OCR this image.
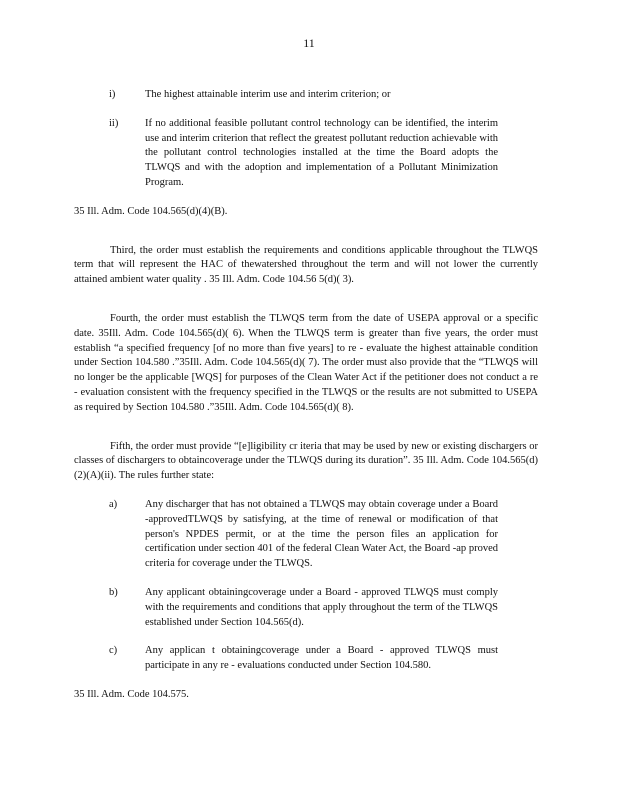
11
i)	The highest attainable interim use and interim criterion; or
ii)	If no additional feasible pollutant control technology can be identified, the interim use and interim criterion that reflect the greatest pollutant reduction achievable with the pollutant control technologies installed at the time the Board adopts the TLWQS and with the adoption and implementation of a Pollutant Minimization Program.

35 Ill. Adm. Code 104.565(d)(4)(B).

Third, the order must establish the requirements and conditions applicable throughout the TLWQS term that will represent the HAC of thewatershed throughout the term and will not lower the currently attained ambient water quality . 35 Ill. Adm. Code 104.56 5(d)( 3).

Fourth, the order must establish the TLWQS term from the date of USEPA approval or a specific date. 35Ill. Adm. Code 104.565(d)( 6). When the TLWQS term is greater than five years, the order must establish “a specified frequency [of no more than five years] to re - evaluate the highest attainable condition under Section 104.580 .”35Ill. Adm. Code 104.565(d)( 7). The order must also provide that the “TLWQS will no longer be the applicable [WQS] for purposes of the Clean Water Act if the petitioner does not conduct a re - evaluation consistent with the frequency specified in the TLWQS or the results are not submitted to USEPA as required by Section 104.580 .”35Ill. Adm. Code 104.565(d)( 8).

Fifth, the order must provide “[e]ligibility cr iteria that may be used by new or existing dischargers or classes of dischargers to obtaincoverage under the TLWQS during its duration”. 35 Ill. Adm. Code 104.565(d) (2)(A)(ii). The rules further state:

a)	Any discharger that has not obtained a TLWQS may obtain coverage under a Board -approvedTLWQS by satisfying, at the time of renewal or modification of that person's NPDES permit, or at the time the person files an application for certification under section 401 of the federal Clean Water Act, the Board -ap proved criteria for coverage under the TLWQS.
b)	Any applicant obtainingcoverage under a Board - approved TLWQS must comply with the requirements and conditions that apply throughout the term of the TLWQS established under Section 104.565(d).
c)	Any applican t obtainingcoverage under a Board - approved TLWQS must participate in any re - evaluations conducted under Section 104.580.

35 Ill. Adm. Code 104.575.
